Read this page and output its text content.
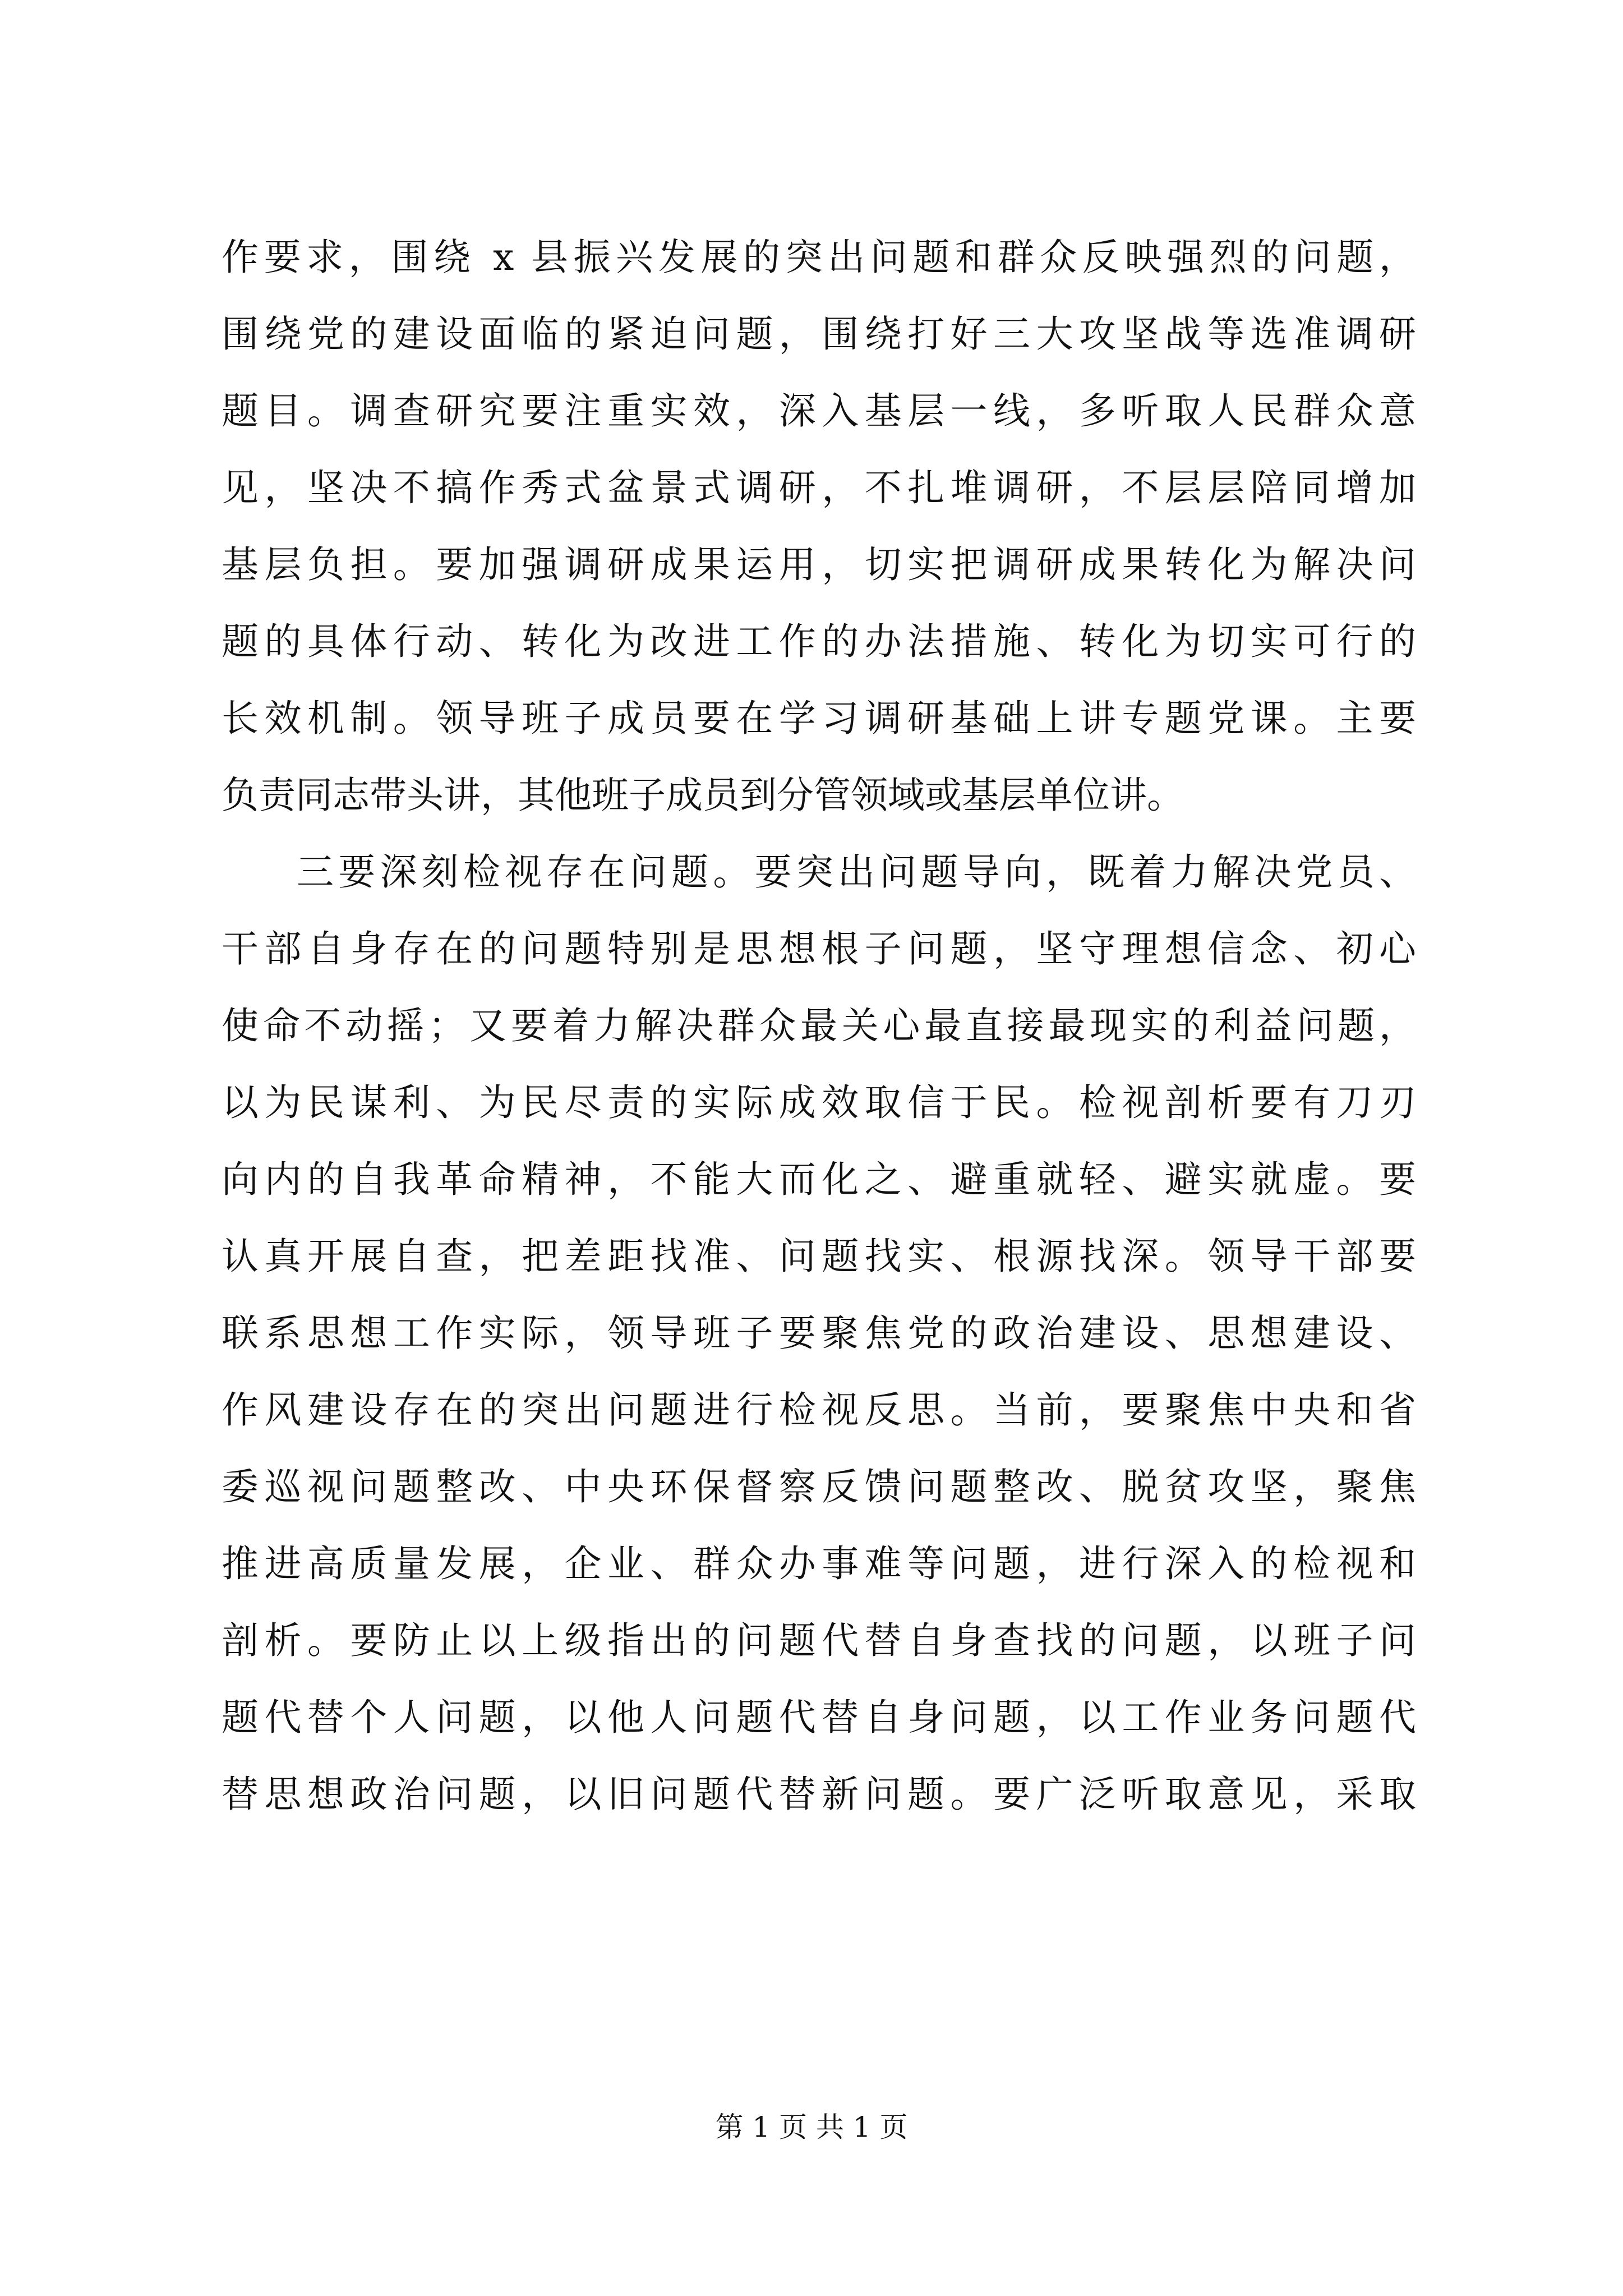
作要求，围绕 x 县振兴发展的突出问题和群众反映强烈的问题，
围绕党的建设面临的紧迫问题，围绕打好三大攻坚战等选准调研
题目。调查研究要注重实效，深入基层一线，多听取人民群众意
见，坚决不搞作秀式盆景式调研，不扎堆调研，不层层陪同增加
基层负担。要加强调研成果运用，切实把调研成果转化为解决问
题的具体行动、转化为改进工作的办法措施、转化为切实可行的
长效机制。领导班子成员要在学习调研基础上讲专题党课。主要
负责同志带头讲，其他班子成员到分管领域或基层单位讲。
三要深刻检视存在问题。要突出问题导向，既着力解决党员、
干部自身存在的问题特别是思想根子问题，坚守理想信念、初心
使命不动摇；又要着力解决群众最关心最直接最现实的利益问题，
以为民谋利、为民尽责的实际成效取信于民。检视剖析要有刀刃
向内的自我革命精神，不能大而化之、避重就轻、避实就虚。要
认真开展自查，把差距找准、问题找实、根源找深。领导干部要
联系思想工作实际，领导班子要聚焦党的政治建设、思想建设、
作风建设存在的突出问题进行检视反思。当前，要聚焦中央和省
委巡视问题整改、中央环保督察反馈问题整改、脱贫攻坚，聚焦
推进高质量发展，企业、群众办事难等问题，进行深入的检视和
剖析。要防止以上级指出的问题代替自身查找的问题，以班子问
题代替个人问题，以他人问题代替自身问题，以工作业务问题代
替思想政治问题，以旧问题代替新问题。要广泛听取意见，采取
第 1 页 共 1 页
